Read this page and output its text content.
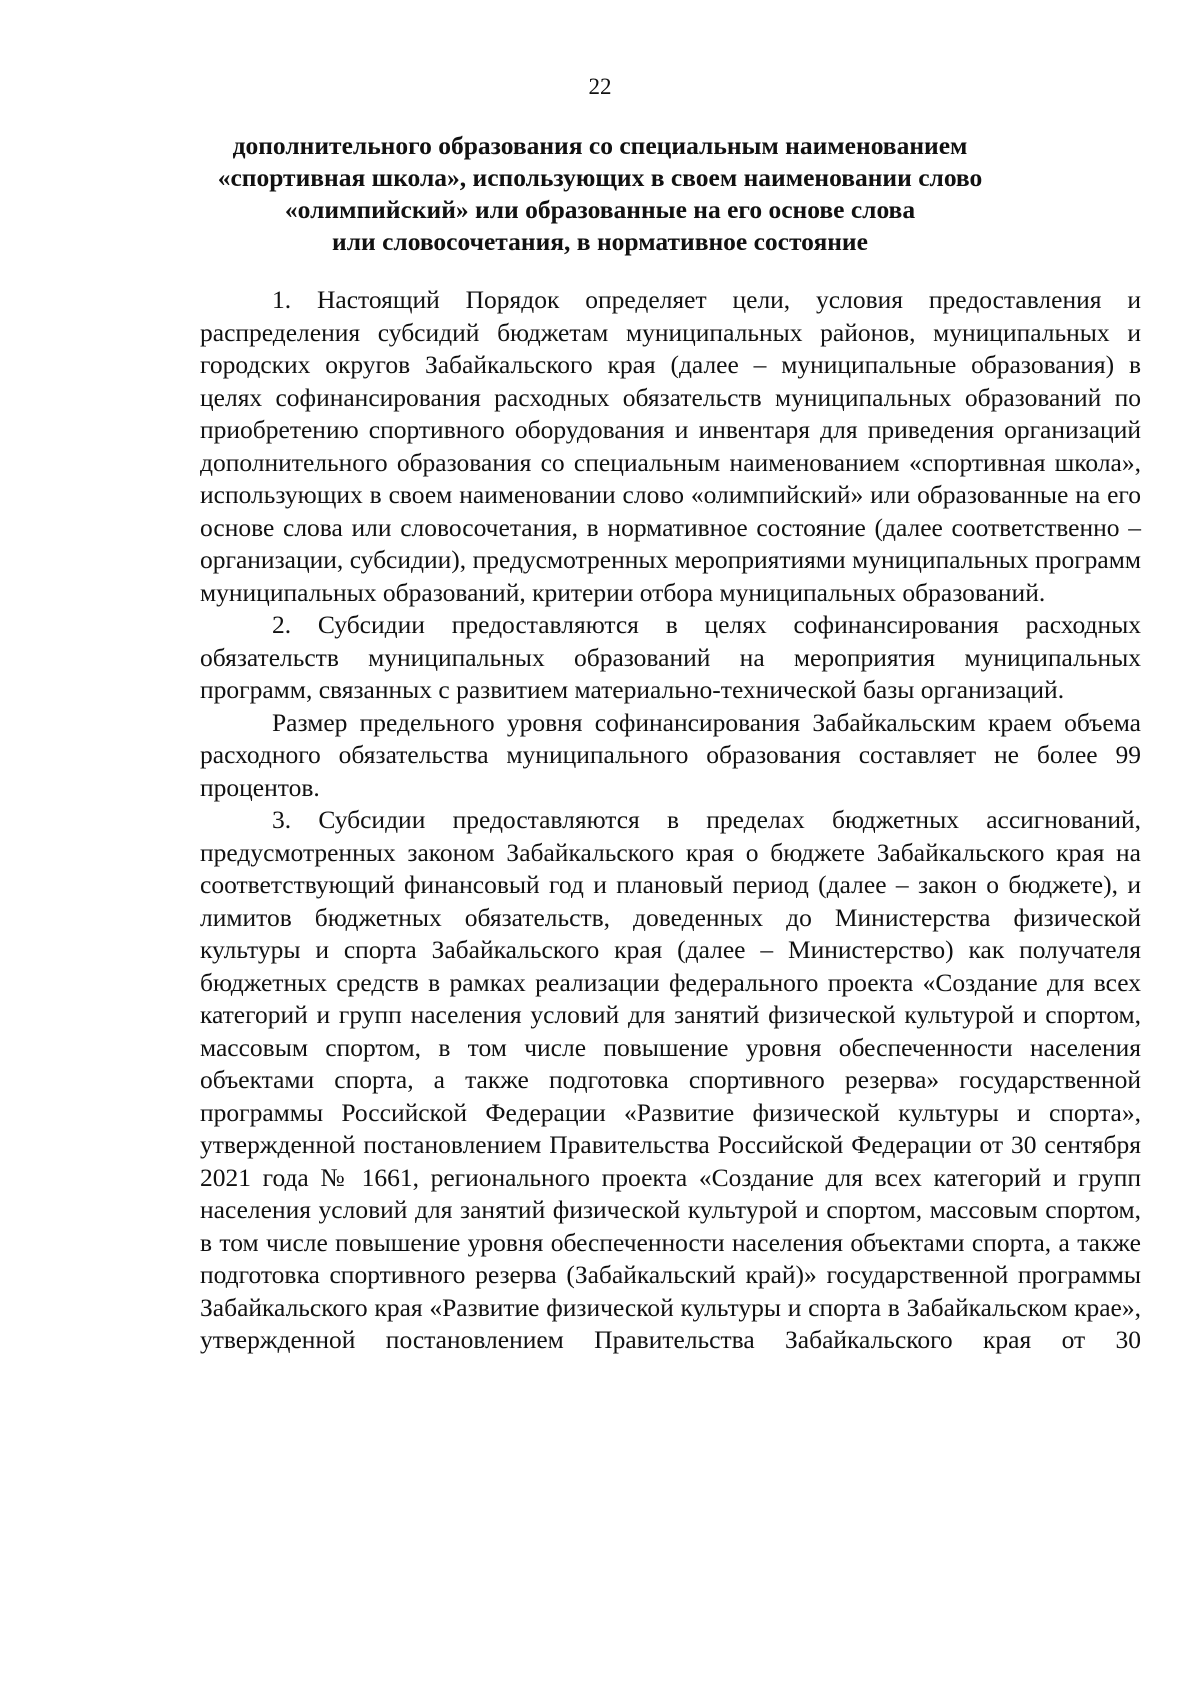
22
дополнительного образования со специальным наименованием
«спортивная школа», использующих в своем наименовании слово
«олимпийский» или образованные на его основе слова
или словосочетания, в нормативное состояние

1. Настоящий Порядок определяет цели, условия предоставления и распределения субсидий бюджетам муниципальных районов, муниципальных и городских округов Забайкальского края (далее – муниципальные образования) в целях софинансирования расходных обязательств муниципальных образований по приобретению спортивного оборудования и инвентаря для приведения организаций дополнительного образования со специальным наименованием «спортивная школа», использующих в своем наименовании слово «олимпийский» или образованные на его основе слова или словосочетания, в нормативное состояние (далее соответственно – организации, субсидии), предусмотренных мероприятиями муниципальных программ муниципальных образований, критерии отбора муниципальных образований.

2. Субсидии предоставляются в целях софинансирования расходных обязательств муниципальных образований на мероприятия муниципальных программ, связанных с развитием материально-технической базы организаций.

Размер предельного уровня софинансирования Забайкальским краем объема расходного обязательства муниципального образования составляет не более 99 процентов.

3. Субсидии предоставляются в пределах бюджетных ассигнований, предусмотренных законом Забайкальского края о бюджете Забайкальского края на соответствующий финансовый год и плановый период (далее – закон о бюджете), и лимитов бюджетных обязательств, доведенных до Министерства физической культуры и спорта Забайкальского края (далее – Министерство) как получателя бюджетных средств в рамках реализации федерального проекта «Создание для всех категорий и групп населения условий для занятий физической культурой и спортом, массовым спортом, в том числе повышение уровня обеспеченности населения объектами спорта, а также подготовка спортивного резерва» государственной программы Российской Федерации «Развитие физической культуры и спорта», утвержденной постановлением Правительства Российской Федерации от 30 сентября 2021 года № 1661, регионального проекта «Создание для всех категорий и групп населения условий для занятий физической культурой и спортом, массовым спортом, в том числе повышение уровня обеспеченности населения объектами спорта, а также подготовка спортивного резерва (Забайкальский край)» государственной программы Забайкальского края «Развитие физической культуры и спорта в Забайкальском крае», утвержденной постановлением Правительства Забайкальского края от 30
